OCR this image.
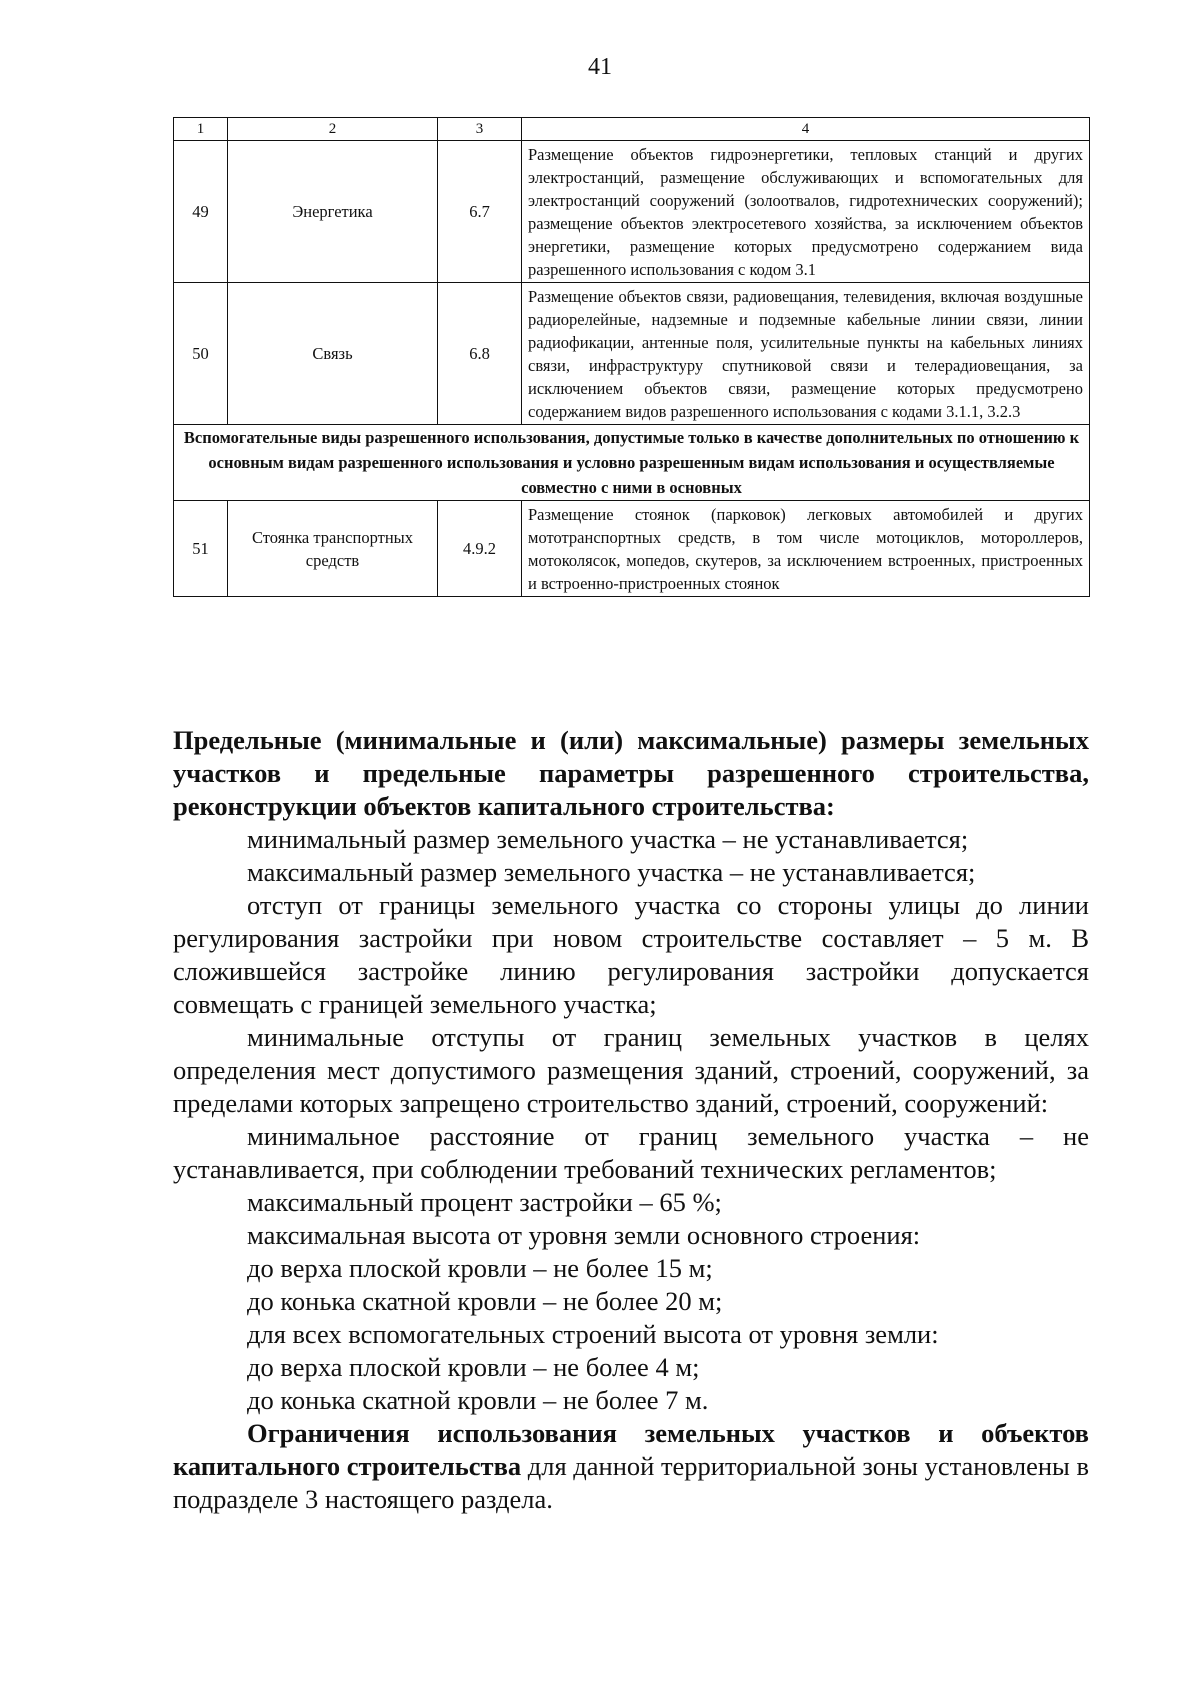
41

1	2	3	4
49	Энергетика	6.7	Размещение объектов гидроэнергетики, тепловых станций и других электростанций, размещение обслуживающих и вспомогательных для электростанций сооружений (золоотвалов, гидротехнических сооружений); размещение объектов электросетевого хозяйства, за исключением объектов энергетики, размещение которых предусмотрено содержанием вида разрешенного использования с кодом 3.1
50	Связь	6.8	Размещение объектов связи, радиовещания, телевидения, включая воздушные радиорелейные, надземные и подземные кабельные линии связи, линии радиофикации, антенные поля, усилительные пункты на кабельных линиях связи, инфраструктуру спутниковой связи и телерадиовещания, за исключением объектов связи, размещение которых предусмотрено содержанием видов разрешенного использования с кодами 3.1.1, 3.2.3
Вспомогательные виды разрешенного использования, допустимые только в качестве дополнительных по отношению к основным видам разрешенного использования и условно разрешенным видам использования и осуществляемые совместно с ними в основных			
51	Стоянка транспортных средств	4.9.2	Размещение стоянок (парковок) легковых автомобилей и других мототранспортных средств, в том числе мотоциклов, мотороллеров, мотоколясок, мопедов, скутеров, за исключением встроенных, пристроенных и встроенно-пристроенных стоянок

Предельные (минимальные и (или) максимальные) размеры земельных участков и предельные параметры разрешенного строительства, реконструкции объектов капитального строительства:

минимальный размер земельного участка – не устанавливается;

максимальный размер земельного участка – не устанавливается;

отступ от границы земельного участка со стороны улицы до линии регулирования застройки при новом строительстве составляет – 5 м. В сложившейся застройке линию регулирования застройки допускается совмещать с границей земельного участка;

минимальные отступы от границ земельных участков в целях определения мест допустимого размещения зданий, строений, сооружений, за пределами которых запрещено строительство зданий, строений, сооружений:

минимальное расстояние от границ земельного участка – не устанавливается, при соблюдении требований технических регламентов;

максимальный процент застройки – 65 %;

максимальная высота от уровня земли основного строения:

до верха плоской кровли – не более 15 м;

до конька скатной кровли – не более 20 м;

для всех вспомогательных строений высота от уровня земли:

до верха плоской кровли – не более 4 м;

до конька скатной кровли – не более 7 м.

Ограничения использования земельных участков и объектов капитального строительства для данной территориальной зоны установлены в подразделе 3 настоящего раздела.
